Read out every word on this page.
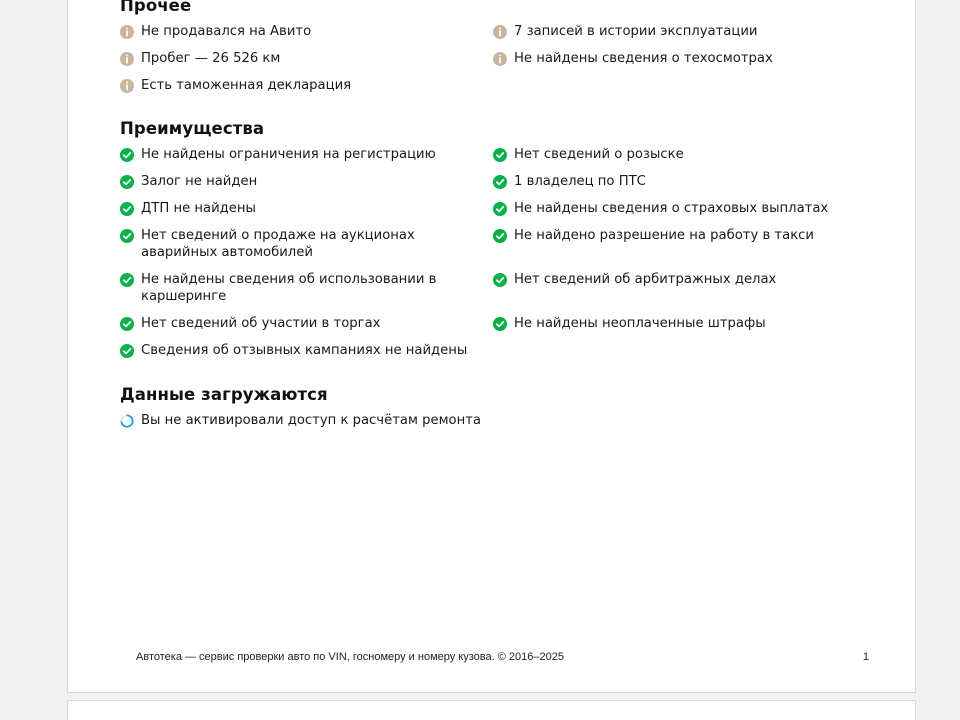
Прочее
Не продавался на Авито	7 записей в истории эксплуатации
Пробег — 26 526 км	Не найдены сведения о техосмотрах
Есть таможенная декларация
Преимущества
Не найдены ограничения на регистрацию	Нет сведений о розыске
Залог не найден	1 владелец по ПТС
ДТП не найдены	Не найдены сведения о страховых выплатах
Нет сведений о продаже на аукционах аварийных автомобилей
Не найдено разрешение на работу в такси
Не найдены сведения об использовании в каршеринге
Нет сведений об арбитражных делах
Нет сведений об участии в торгах	Не найдены неоплаченные штрафы
Сведения об отзывных кампаниях не найдены
Данные загружаются
Вы не активировали доступ к расчётам ремонта
Автотека — сервис проверки авто по VIN, госномеру и номеру кузова. © 2016–2025	1
